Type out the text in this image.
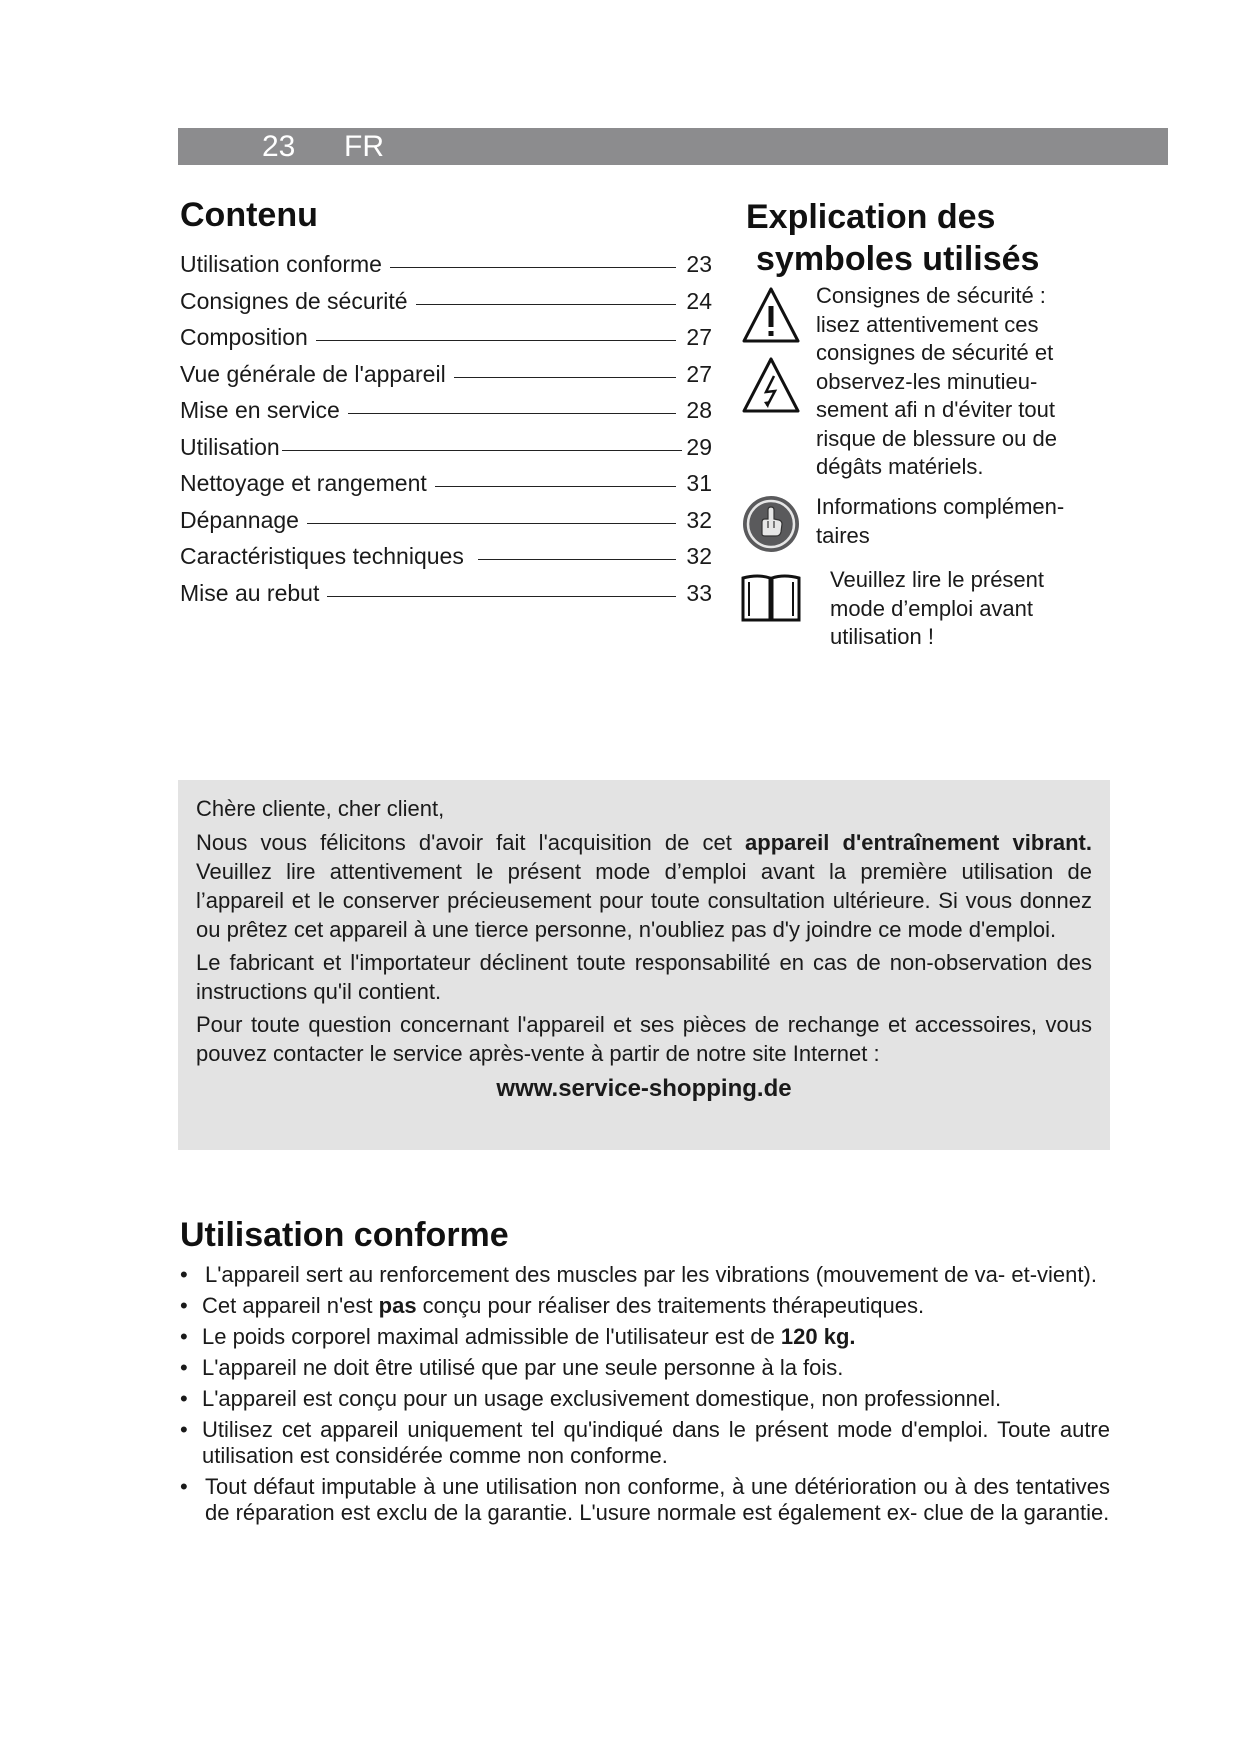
23 FR
Contenu
Utilisation conforme	23
Consignes de sécurité	24
Composition	27
Vue générale de l'appareil	27
Mise en service	28
Utilisation	29
Nettoyage et rangement	31
Dépannage	32
Caractéristiques techniques	32
Mise au rebut	33
Explication des
symboles utilisés
Consignes de sécurité : lisez attentivement ces consignes de sécurité et observez-les minutieu- sement afi n d'éviter tout risque de blessure ou de dégâts matériels.
Informations complémen- taires
Veuillez lire le présent mode d’emploi avant utilisation !

Chère cliente, cher client,

Nous vous félicitons d'avoir fait l'acquisition de cet appareil d'entraînement vibrant. Veuillez lire attentivement le présent mode d’emploi avant la première utilisation de l’appareil et le conserver précieusement pour toute consultation ultérieure. Si vous donnez ou prêtez cet appareil à une tierce personne, n'oubliez pas d'y joindre ce mode d'emploi.

Le fabricant et l'importateur déclinent toute responsabilité en cas de non-observation des instructions qu'il contient.

Pour toute question concernant l'appareil et ses pièces de rechange et accessoires, vous pouvez contacter le service après-vente à partir de notre site Internet :

www.service-shopping.de

Utilisation conforme
• L'appareil sert au renforcement des muscles par les vibrations (mouvement de va- et-vient).
• Cet appareil n'est pas conçu pour réaliser des traitements thérapeutiques.
• Le poids corporel maximal admissible de l'utilisateur est de 120 kg.
• L'appareil ne doit être utilisé que par une seule personne à la fois.
• L'appareil est conçu pour un usage exclusivement domestique, non professionnel.
• Utilisez cet appareil uniquement tel qu'indiqué dans le présent mode d'emploi. Toute autre utilisation est considérée comme non conforme.
• Tout défaut imputable à une utilisation non conforme, à une détérioration ou à des tentatives de réparation est exclu de la garantie. L'usure normale est également ex- clue de la garantie.
